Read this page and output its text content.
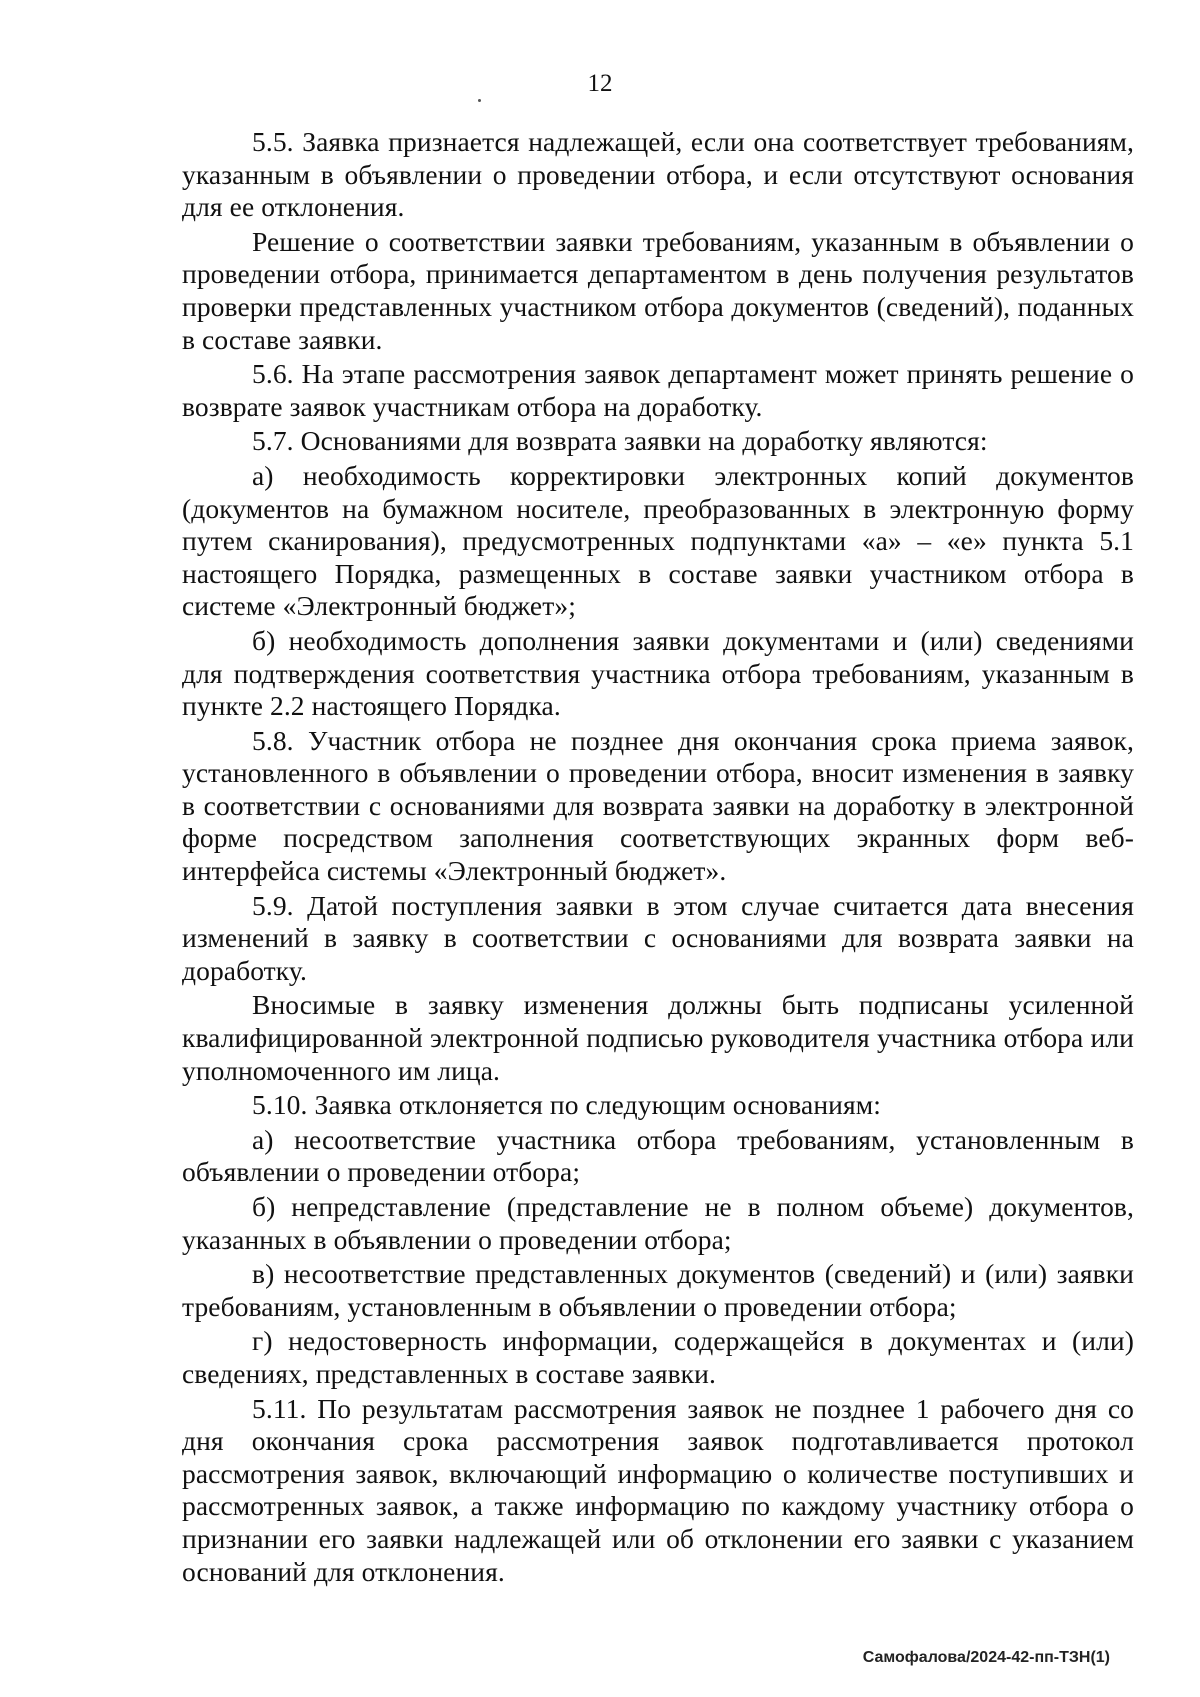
12

5.5. Заявка признается надлежащей, если она соответствует требованиям, указанным в объявлении о проведении отбора, и если отсутствуют основания для ее отклонения.

Решение о соответствии заявки требованиям, указанным в объявлении о проведении отбора, принимается департаментом в день получения результатов проверки представленных участником отбора документов (сведений), поданных в составе заявки.

5.6. На этапе рассмотрения заявок департамент может принять решение о возврате заявок участникам отбора на доработку.

5.7. Основаниями для возврата заявки на доработку являются:

а) необходимость корректировки электронных копий документов (документов на бумажном носителе, преобразованных в электронную форму путем сканирования), предусмотренных подпунктами «а» – «е» пункта 5.1 настоящего Порядка, размещенных в составе заявки участником отбора в системе «Электронный бюджет»;

б) необходимость дополнения заявки документами и (или) сведениями для подтверждения соответствия участника отбора требованиям, указанным в пункте 2.2 настоящего Порядка.

5.8. Участник отбора не позднее дня окончания срока приема заявок, установленного в объявлении о проведении отбора, вносит изменения в заявку в соответствии с основаниями для возврата заявки на доработку в электронной форме посредством заполнения соответствующих экранных форм веб-интерфейса системы «Электронный бюджет».

5.9. Датой поступления заявки в этом случае считается дата внесения изменений в заявку в соответствии с основаниями для возврата заявки на доработку.

Вносимые в заявку изменения должны быть подписаны усиленной квалифицированной электронной подписью руководителя участника отбора или уполномоченного им лица.

5.10. Заявка отклоняется по следующим основаниям:

а) несоответствие участника отбора требованиям, установленным в объявлении о проведении отбора;

б) непредставление (представление не в полном объеме) документов, указанных в объявлении о проведении отбора;

в) несоответствие представленных документов (сведений) и (или) заявки требованиям, установленным в объявлении о проведении отбора;

г) недостоверность информации, содержащейся в документах и (или) сведениях, представленных в составе заявки.

5.11. По результатам рассмотрения заявок не позднее 1 рабочего дня со дня окончания срока рассмотрения заявок подготавливается протокол рассмотрения заявок, включающий информацию о количестве поступивших и рассмотренных заявок, а также информацию по каждому участнику отбора о признании его заявки надлежащей или об отклонении его заявки с указанием оснований для отклонения.

Самофалова/2024-42-пп-ТЗН(1)
